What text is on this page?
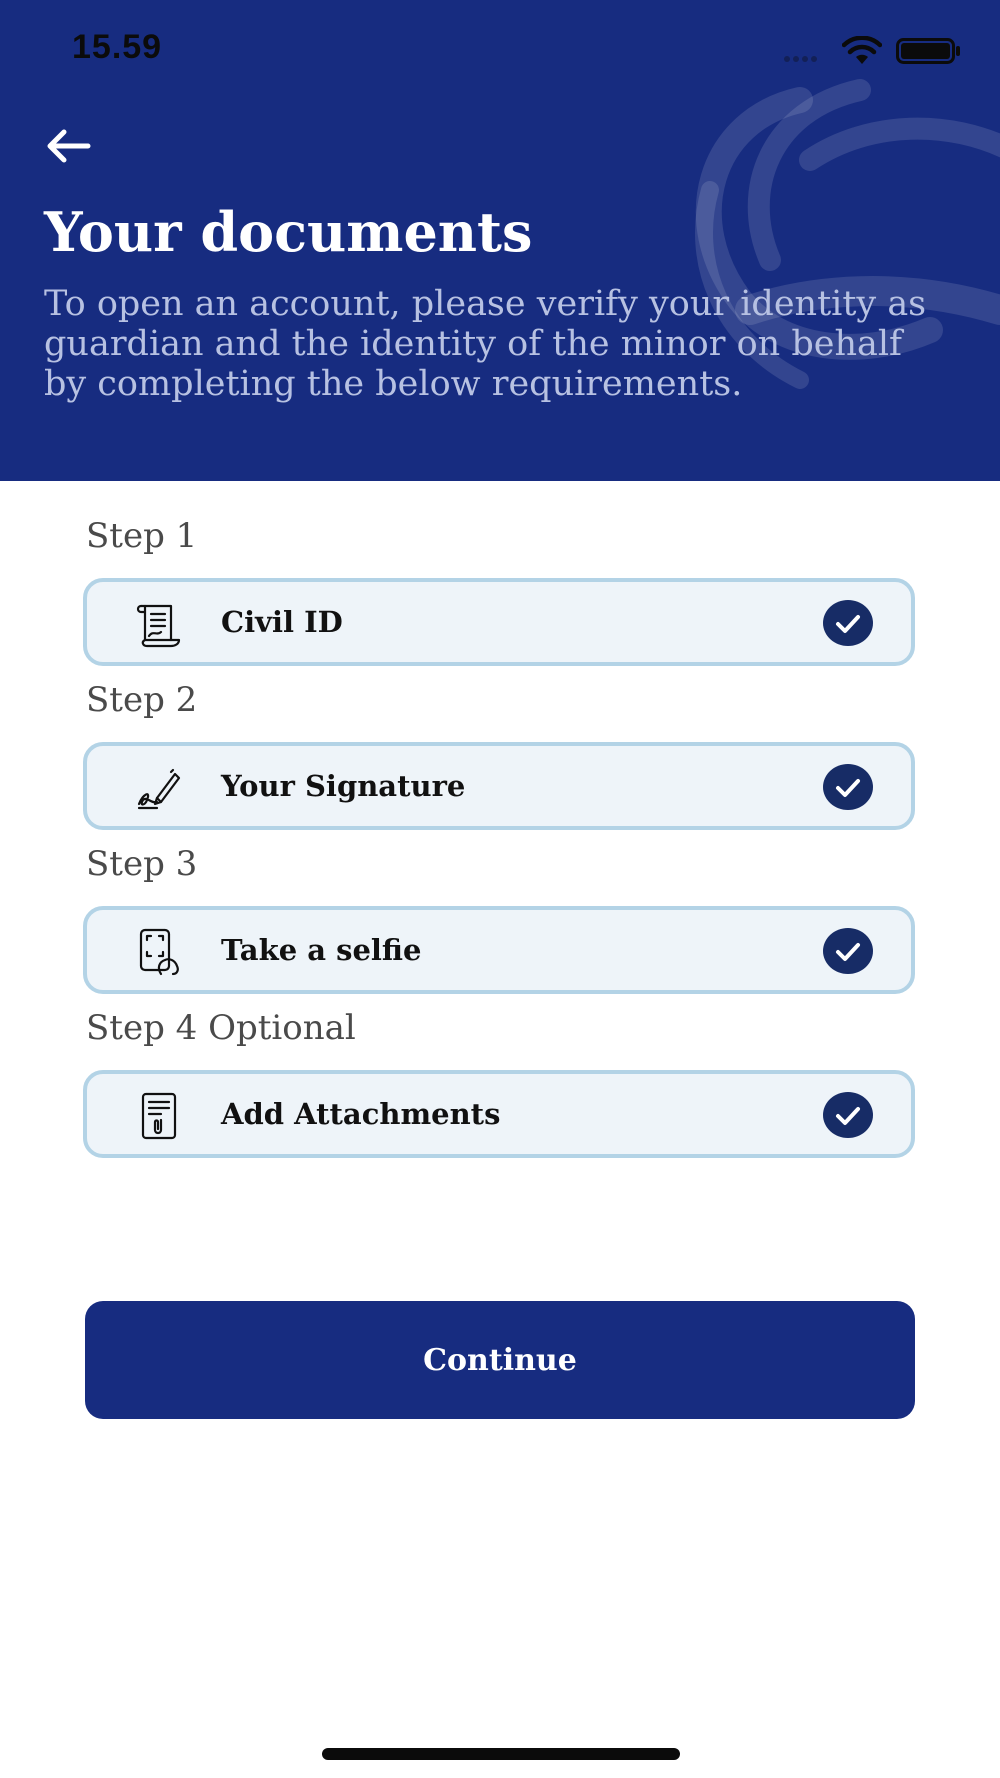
15.59
Your documents

To open an account, please verify your identity as guardian and the identity of the minor on behalf by completing the below requirements.

Step 1
Civil ID
Step 2
Your Signature
Step 3
Take a selfie
Step 4 Optional
Add Attachments
Continue
